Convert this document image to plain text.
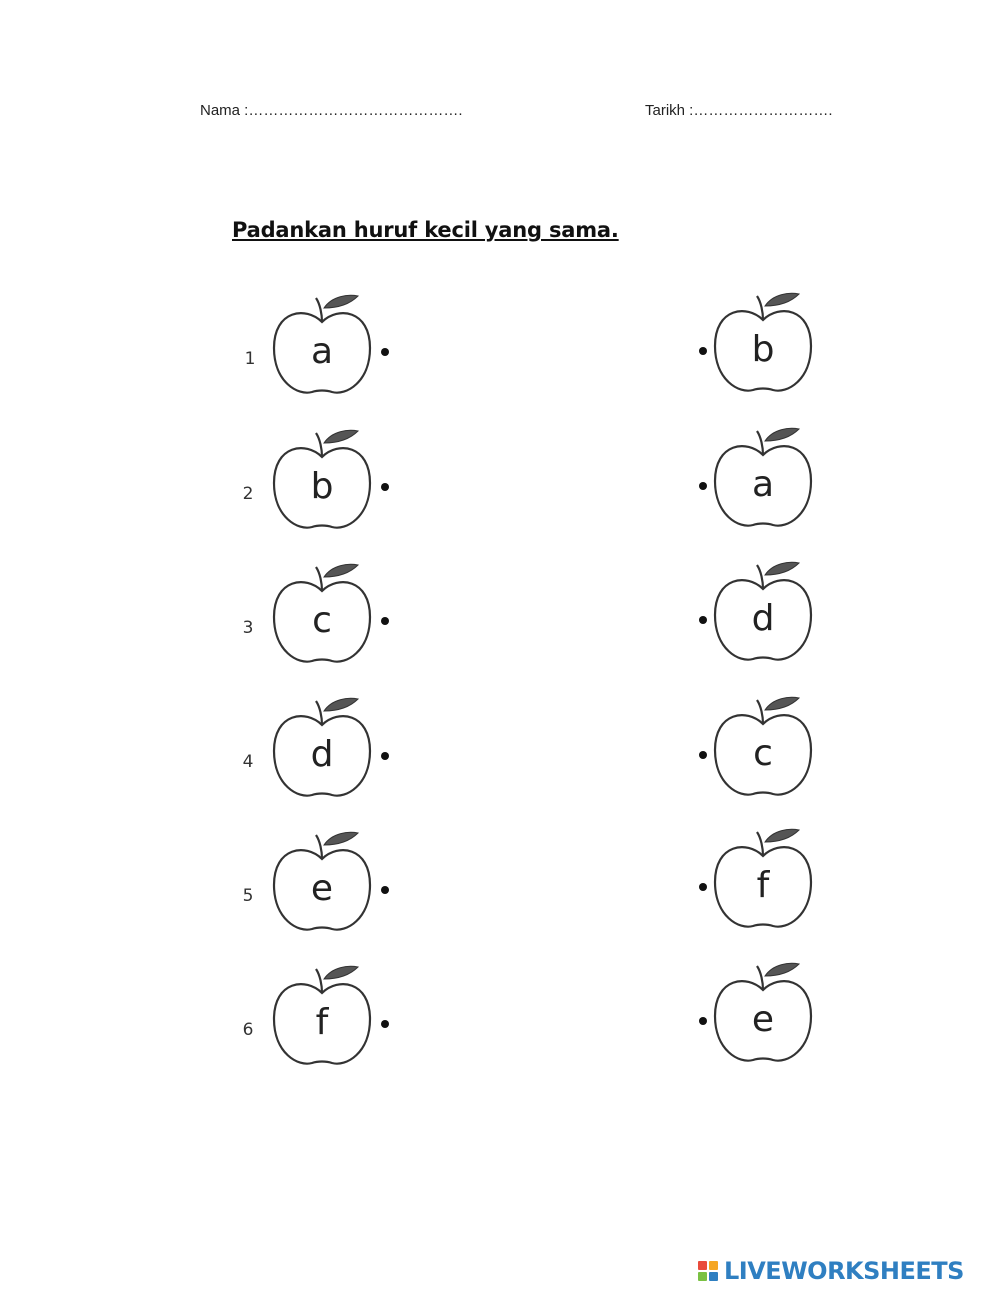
Nama :…………………………………….	Tarikh :……………………….
Padankan huruf kecil yang sama.
1	a
2	b
3	c
4	d
5	e
6	f
b
a
d
c
f
e
LIVEWORKSHEETS
